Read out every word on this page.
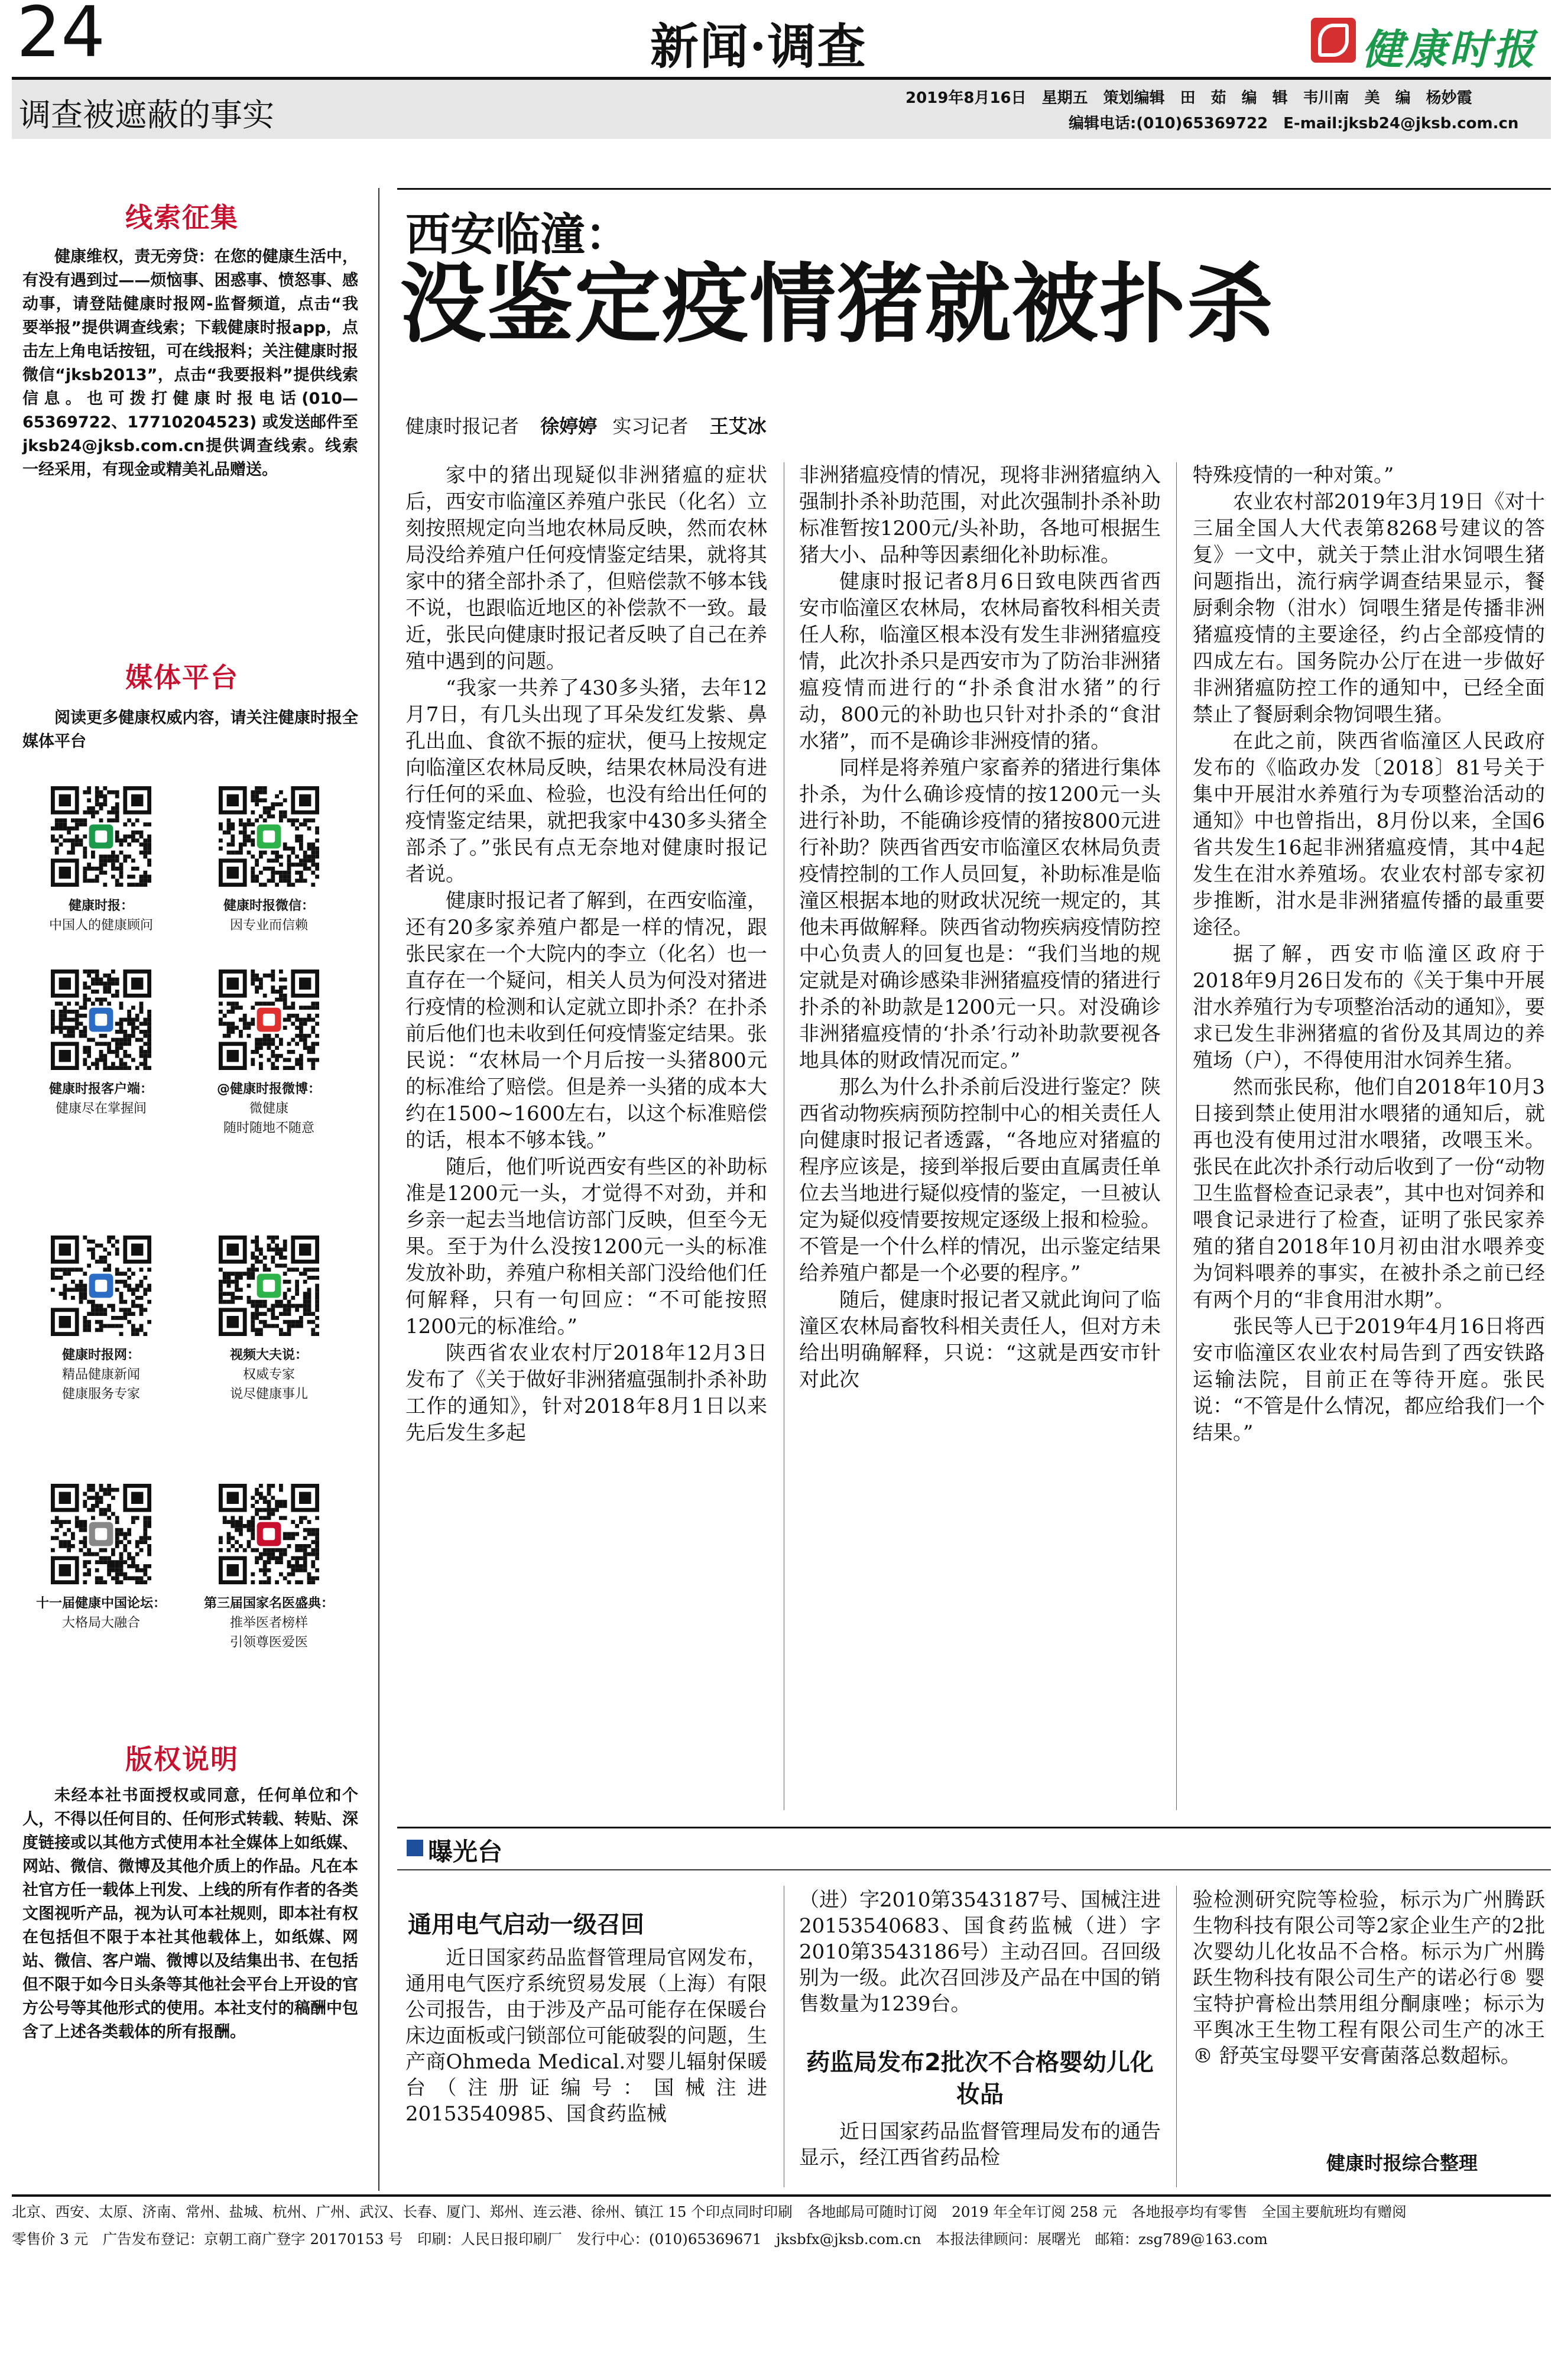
24	新闻·调查	健康时报
调查被遮蔽的事实	2019年8月16日　星期五　策划编辑　田　茹　编　辑　韦川南　美　编　杨妙霞
编辑电话:(010)65369722　E-mail:jksb24@jksb.com.cn
线索征集

健康维权，责无旁贷：在您的健康生活中，有没有遇到过——烦恼事、困惑事、愤怒事、感动事，请登陆健康时报网-监督频道，点击“我要举报”提供调查线索；下载健康时报app，点击左上角电话按钮，可在线报料；关注健康时报微信“jksb2013”，点击“我要报料”提供线索信息。也可拨打健康时报电话(010—65369722、17710204523) 或发送邮件至jksb24@jksb.com.cn提供调查线索。线索一经采用，有现金或精美礼品赠送。

媒体平台

阅读更多健康权威内容，请关注健康时报全媒体平台

健康时报：
中国人的健康顾问
健康时报微信：
因专业而信赖
健康时报客户端：
健康尽在掌握间
@健康时报微博：
微健康
随时随地不随意
健康时报网：
精品健康新闻
健康服务专家
视频大夫说：
权威专家
说尽健康事儿
十一届健康中国论坛：
大格局大融合
第三届国家名医盛典：
推举医者榜样
引领尊医爱医
版权说明

未经本社书面授权或同意，任何单位和个人，不得以任何目的、任何形式转载、转贴、深度链接或以其他方式使用本社全媒体上如纸媒、网站、微信、微博及其他介质上的作品。凡在本社官方任一载体上刊发、上线的所有作者的各类文图视听产品，视为认可本社规则，即本社有权在包括但不限于本社其他载体上，如纸媒、网站、微信、客户端、微博以及结集出书、在包括但不限于如今日头条等其他社会平台上开设的官方公号等其他形式的使用。本社支付的稿酬中包含了上述各类载体的所有报酬。

西安临潼：
没鉴定疫情猪就被扑杀
健康时报记者 徐婷婷 实习记者 王艾冰

家中的猪出现疑似非洲猪瘟的症状后，西安市临潼区养殖户张民（化名）立刻按照规定向当地农林局反映，然而农林局没给养殖户任何疫情鉴定结果，就将其家中的猪全部扑杀了，但赔偿款不够本钱不说，也跟临近地区的补偿款不一致。最近，张民向健康时报记者反映了自己在养殖中遇到的问题。

“我家一共养了430多头猪，去年12月7日，有几头出现了耳朵发红发紫、鼻孔出血、食欲不振的症状，便马上按规定向临潼区农林局反映，结果农林局没有进行任何的采血、检验，也没有给出任何的疫情鉴定结果，就把我家中430多头猪全部杀了。”张民有点无奈地对健康时报记者说。

健康时报记者了解到，在西安临潼，还有20多家养殖户都是一样的情况，跟张民家在一个大院内的李立（化名）也一直存在一个疑问，相关人员为何没对猪进行疫情的检测和认定就立即扑杀？在扑杀前后他们也未收到任何疫情鉴定结果。张民说：“农林局一个月后按一头猪800元的标准给了赔偿。但是养一头猪的成本大约在1500~1600左右，以这个标准赔偿的话，根本不够本钱。”

随后，他们听说西安有些区的补助标准是1200元一头，才觉得不对劲，并和乡亲一起去当地信访部门反映，但至今无果。至于为什么没按1200元一头的标准发放补助，养殖户称相关部门没给他们任何解释，只有一句回应：“不可能按照1200元的标准给。”

陕西省农业农村厅2018年12月3日发布了《关于做好非洲猪瘟强制扑杀补助工作的通知》，针对2018年8月1日以来先后发生多起

非洲猪瘟疫情的情况，现将非洲猪瘟纳入强制扑杀补助范围，对此次强制扑杀补助标准暂按1200元/头补助，各地可根据生猪大小、品种等因素细化补助标准。

健康时报记者8月6日致电陕西省西安市临潼区农林局，农林局畜牧科相关责任人称，临潼区根本没有发生非洲猪瘟疫情，此次扑杀只是西安市为了防治非洲猪瘟疫情而进行的“扑杀食泔水猪”的行动，800元的补助也只针对扑杀的“食泔水猪”，而不是确诊非洲疫情的猪。

同样是将养殖户家畜养的猪进行集体扑杀，为什么确诊疫情的按1200元一头进行补助，不能确诊疫情的猪按800元进行补助？陕西省西安市临潼区农林局负责疫情控制的工作人员回复，补助标准是临潼区根据本地的财政状况统一规定的，其他未再做解释。陕西省动物疾病疫情防控中心负责人的回复也是：“我们当地的规定就是对确诊感染非洲猪瘟疫情的猪进行扑杀的补助款是1200元一只。对没确诊非洲猪瘟疫情的‘扑杀’行动补助款要视各地具体的财政情况而定。”

那么为什么扑杀前后没进行鉴定？陕西省动物疾病预防控制中心的相关责任人向健康时报记者透露，“各地应对猪瘟的程序应该是，接到举报后要由直属责任单位去当地进行疑似疫情的鉴定，一旦被认定为疑似疫情要按规定逐级上报和检验。不管是一个什么样的情况，出示鉴定结果给养殖户都是一个必要的程序。”

随后，健康时报记者又就此询问了临潼区农林局畜牧科相关责任人，但对方未给出明确解释，只说：“这就是西安市针对此次

特殊疫情的一种对策。”

农业农村部2019年3月19日《对十三届全国人大代表第8268号建议的答复》一文中，就关于禁止泔水饲喂生猪问题指出，流行病学调查结果显示，餐厨剩余物（泔水）饲喂生猪是传播非洲猪瘟疫情的主要途径，约占全部疫情的四成左右。国务院办公厅在进一步做好非洲猪瘟防控工作的通知中，已经全面禁止了餐厨剩余物饲喂生猪。

在此之前，陕西省临潼区人民政府发布的《临政办发〔2018〕81号关于集中开展泔水养殖行为专项整治活动的通知》中也曾指出，8月份以来，全国6省共发生16起非洲猪瘟疫情，其中4起发生在泔水养殖场。农业农村部专家初步推断，泔水是非洲猪瘟传播的最重要途径。

据了解，西安市临潼区政府于2018年9月26日发布的《关于集中开展泔水养殖行为专项整治活动的通知》，要求已发生非洲猪瘟的省份及其周边的养殖场（户），不得使用泔水饲养生猪。

然而张民称，他们自2018年10月3日接到禁止使用泔水喂猪的通知后，就再也没有使用过泔水喂猪，改喂玉米。张民在此次扑杀行动后收到了一份“动物卫生监督检查记录表”，其中也对饲养和喂食记录进行了检查，证明了张民家养殖的猪自2018年10月初由泔水喂养变为饲料喂养的事实，在被扑杀之前已经有两个月的“非食用泔水期”。

张民等人已于2019年4月16日将西安市临潼区农业农村局告到了西安铁路运输法院，目前正在等待开庭。张民说：“不管是什么情况，都应给我们一个结果。”

曝光台
通用电气启动一级召回

近日国家药品监督管理局官网发布，通用电气医疗系统贸易发展（上海）有限公司报告，由于涉及产品可能存在保暖台床边面板或闩锁部位可能破裂的问题，生产商Ohmeda Medical.对婴儿辐射保暖台（注册证编号：国械注进20153540985、国食药监械

（进）字2010第3543187号、国械注进20153540683、国食药监械（进）字2010第3543186号）主动召回。召回级别为一级。此次召回涉及产品在中国的销售数量为1239台。

药监局发布2批次不合格婴幼儿化妆品

近日国家药品监督管理局发布的通告显示，经江西省药品检

验检测研究院等检验，标示为广州腾跃生物科技有限公司等2家企业生产的2批次婴幼儿化妆品不合格。标示为广州腾跃生物科技有限公司生产的诺必行® 婴宝特护膏检出禁用组分酮康唑；标示为平舆冰王生物工程有限公司生产的冰王® 舒英宝母婴平安膏菌落总数超标。

健康时报综合整理
北京、西安、太原、济南、常州、盐城、杭州、广州、武汉、长春、厦门、郑州、连云港、徐州、镇江 15 个印点同时印刷　各地邮局可随时订阅　2019 年全年订阅 258 元　各地报亭均有零售　全国主要航班均有赠阅
零售价 3 元　广告发布登记：京朝工商广登字 20170153 号　印刷：人民日报印刷厂　发行中心：(010)65369671　jksbfx@jksb.com.cn　本报法律顾问：展曙光　邮箱：zsg789@163.com
